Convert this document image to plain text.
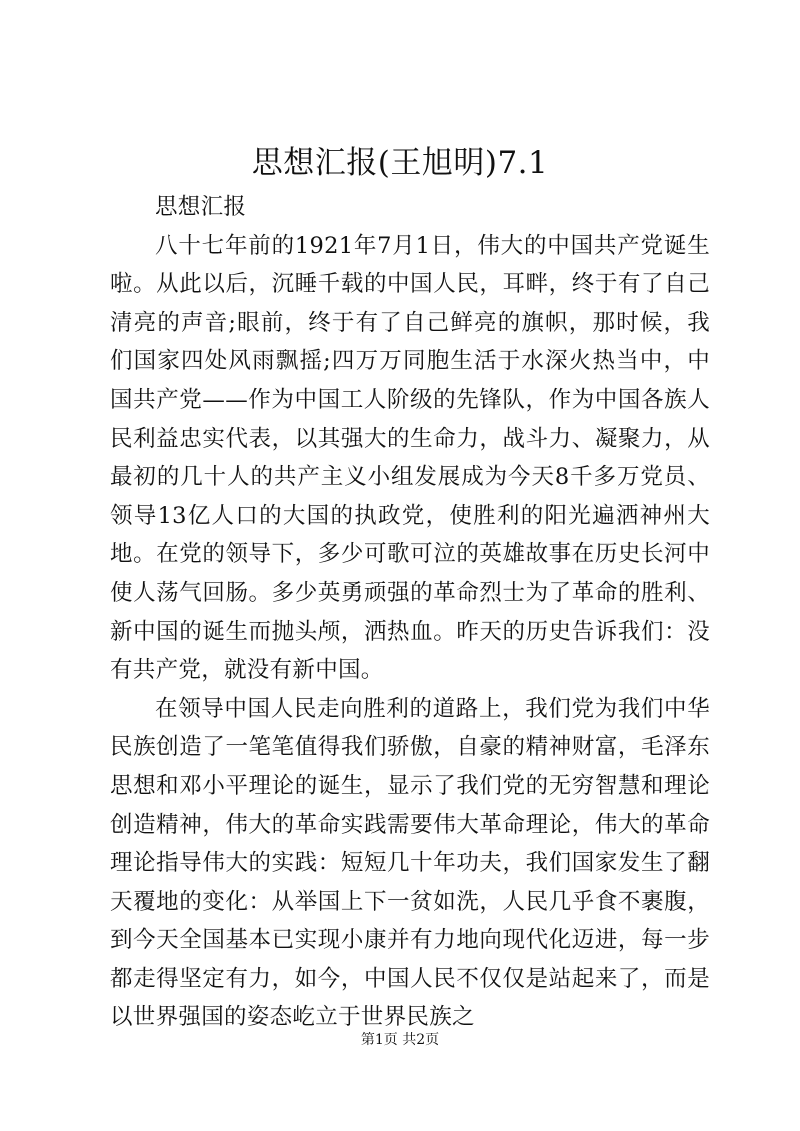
思想汇报(王旭明)7.1

思想汇报

八十七年前的1921年7月1日，伟大的中国共产党诞生啦。从此以后，沉睡千载的中国人民，耳畔，终于有了自己清亮的声音;眼前，终于有了自己鲜亮的旗帜，那时候，我们国家四处风雨飘摇;四万万同胞生活于水深火热当中，中国共产党——作为中国工人阶级的先锋队，作为中国各族人民利益忠实代表，以其强大的生命力，战斗力、凝聚力，从最初的几十人的共产主义小组发展成为今天8千多万党员、领导13亿人口的大国的执政党，使胜利的阳光遍洒神州大地。在党的领导下，多少可歌可泣的英雄故事在历史长河中使人荡气回肠。多少英勇顽强的革命烈士为了革命的胜利、新中国的诞生而抛头颅，洒热血。昨天的历史告诉我们：没有共产党，就没有新中国。

在领导中国人民走向胜利的道路上，我们党为我们中华民族创造了一笔笔值得我们骄傲，自豪的精神财富，毛泽东思想和邓小平理论的诞生，显示了我们党的无穷智慧和理论创造精神，伟大的革命实践需要伟大革命理论，伟大的革命理论指导伟大的实践：短短几十年功夫，我们国家发生了翻天覆地的变化：从举国上下一贫如洗，人民几乎食不裹腹，到今天全国基本已实现小康并有力地向现代化迈进，每一步都走得坚定有力，如今，中国人民不仅仅是站起来了，而是以世界强国的姿态屹立于世界民族之

第1页 共2页
